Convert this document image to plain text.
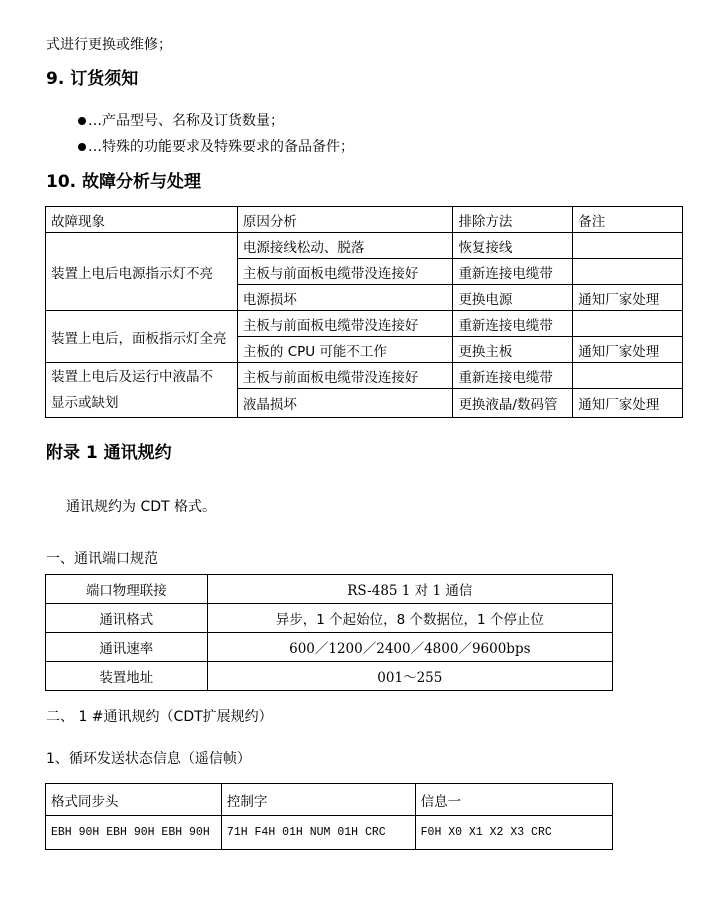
式进行更换或维修；
9. 订货须知
…产品型号、名称及订货数量；
…特殊的功能要求及特殊要求的备品备件；
10. 故障分析与处理
故障现象	原因分析	排除方法	备注
装置上电后电源指示灯不亮	电源接线松动、脱落	恢复接线	
	主板与前面板电缆带没连接好	重新连接电缆带	
	电源损坏	更换电源	通知厂家处理
装置上电后，面板指示灯全亮	主板与前面板电缆带没连接好	重新连接电缆带	
	主板的 CPU 可能不工作	更换主板	通知厂家处理

装置上电后及运行中液晶不
显示或缺划	主板与前面板电缆带没连接好	重新连接电缆带	
	液晶损坏	更换液晶/数码管	通知厂家处理
附录 1 通讯规约
通讯规约为 CDT 格式。
一、通讯端口规范
端口物理联接	RS-485 1 对 1 通信
通讯格式	异步，1 个起始位，8 个数据位，1 个停止位
通讯速率	600／1200／2400／4800／9600bps
装置地址	001～255
二、 1 #通讯规约（CDT扩展规约）
1、循环发送状态信息（遥信帧）
格式同步头	控制字	信息一
EBH 90H EBH 90H EBH 90H	71H F4H 01H NUM 01H CRC	F0H X0 X1 X2 X3 CRC
